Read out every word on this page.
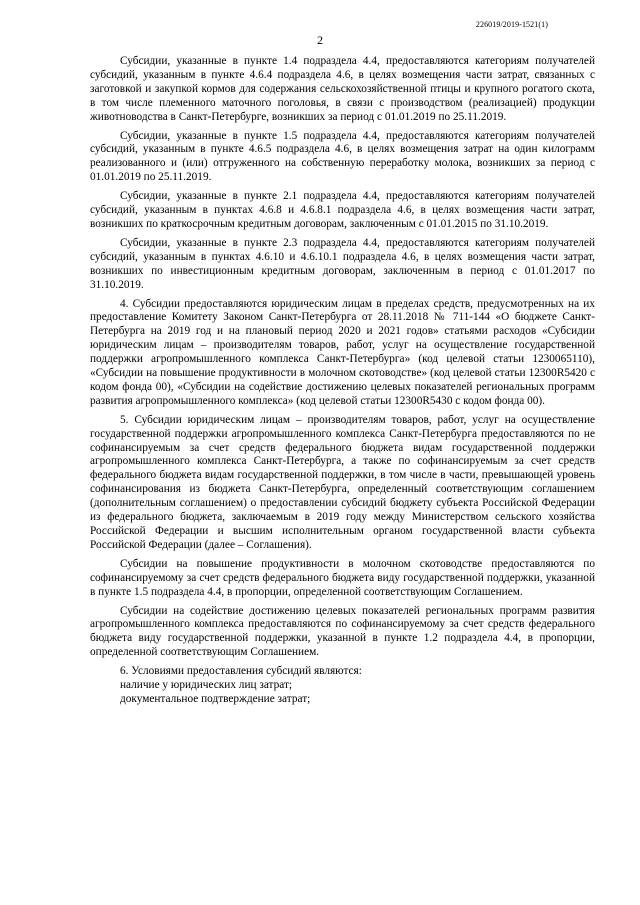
226019/2019-1521(1)
2

Субсидии, указанные в пункте 1.4 подраздела 4.4, предоставляются категориям получателей субсидий, указанным в пункте 4.6.4 подраздела 4.6, в целях возмещения части затрат, связанных с заготовкой и закупкой кормов для содержания сельскохозяйственной птицы и крупного рогатого скота, в том числе племенного маточного поголовья, в связи с производством (реализацией) продукции животноводства в Санкт-Петербурге, возникших за период с 01.01.2019 по 25.11.2019.

Субсидии, указанные в пункте 1.5 подраздела 4.4, предоставляются категориям получателей субсидий, указанным в пункте 4.6.5 подраздела 4.6, в целях возмещения затрат на один килограмм реализованного и (или) отгруженного на собственную переработку молока, возникших за период с 01.01.2019 по 25.11.2019.

Субсидии, указанные в пункте 2.1 подраздела 4.4, предоставляются категориям получателей субсидий, указанным в пунктах 4.6.8 и 4.6.8.1 подраздела 4.6, в целях возмещения части затрат, возникших по краткосрочным кредитным договорам, заключенным с 01.01.2015 по 31.10.2019.

Субсидии, указанные в пункте 2.3 подраздела 4.4, предоставляются категориям получателей субсидий, указанным в пунктах 4.6.10 и 4.6.10.1 подраздела 4.6, в целях возмещения части затрат, возникших по инвестиционным кредитным договорам, заключенным в период с 01.01.2017 по 31.10.2019.

4. Субсидии предоставляются юридическим лицам в пределах средств, предусмотренных на их предоставление Комитету Законом Санкт-Петербурга от 28.11.2018 № 711-144 «О бюджете Санкт-Петербурга на 2019 год и на плановый период 2020 и 2021 годов» статьями расходов «Субсидии юридическим лицам – производителям товаров, работ, услуг на осуществление государственной поддержки агропромышленного комплекса Санкт-Петербурга» (код целевой статьи 1230065110), «Субсидии на повышение продуктивности в молочном скотоводстве» (код целевой статьи 12300R5420 с кодом фонда 00), «Субсидии на содействие достижению целевых показателей региональных программ развития агропромышленного комплекса» (код целевой статьи 12300R5430 с кодом фонда 00).

5. Субсидии юридическим лицам – производителям товаров, работ, услуг на осуществление государственной поддержки агропромышленного комплекса Санкт-Петербурга предоставляются по не софинансируемым за счет средств федерального бюджета видам государственной поддержки агропромышленного комплекса Санкт-Петербурга, а также по софинансируемым за счет средств федерального бюджета видам государственной поддержки, в том числе в части, превышающей уровень софинансирования из бюджета Санкт-Петербурга, определенный соответствующим соглашением (дополнительным соглашением) о предоставлении субсидий бюджету субъекта Российской Федерации из федерального бюджета, заключаемым в 2019 году между Министерством сельского хозяйства Российской Федерации и высшим исполнительным органом государственной власти субъекта Российской Федерации (далее – Соглашения).

Субсидии на повышение продуктивности в молочном скотоводстве предоставляются по софинансируемому за счет средств федерального бюджета виду государственной поддержки, указанной в пункте 1.5 подраздела 4.4, в пропорции, определенной соответствующим Соглашением.

Субсидии на содействие достижению целевых показателей региональных программ развития агропромышленного комплекса предоставляются по софинансируемому за счет средств федерального бюджета виду государственной поддержки, указанной в пункте 1.2 подраздела 4.4, в пропорции, определенной соответствующим Соглашением.

6. Условиями предоставления субсидий являются:

наличие у юридических лиц затрат;

документальное подтверждение затрат;
